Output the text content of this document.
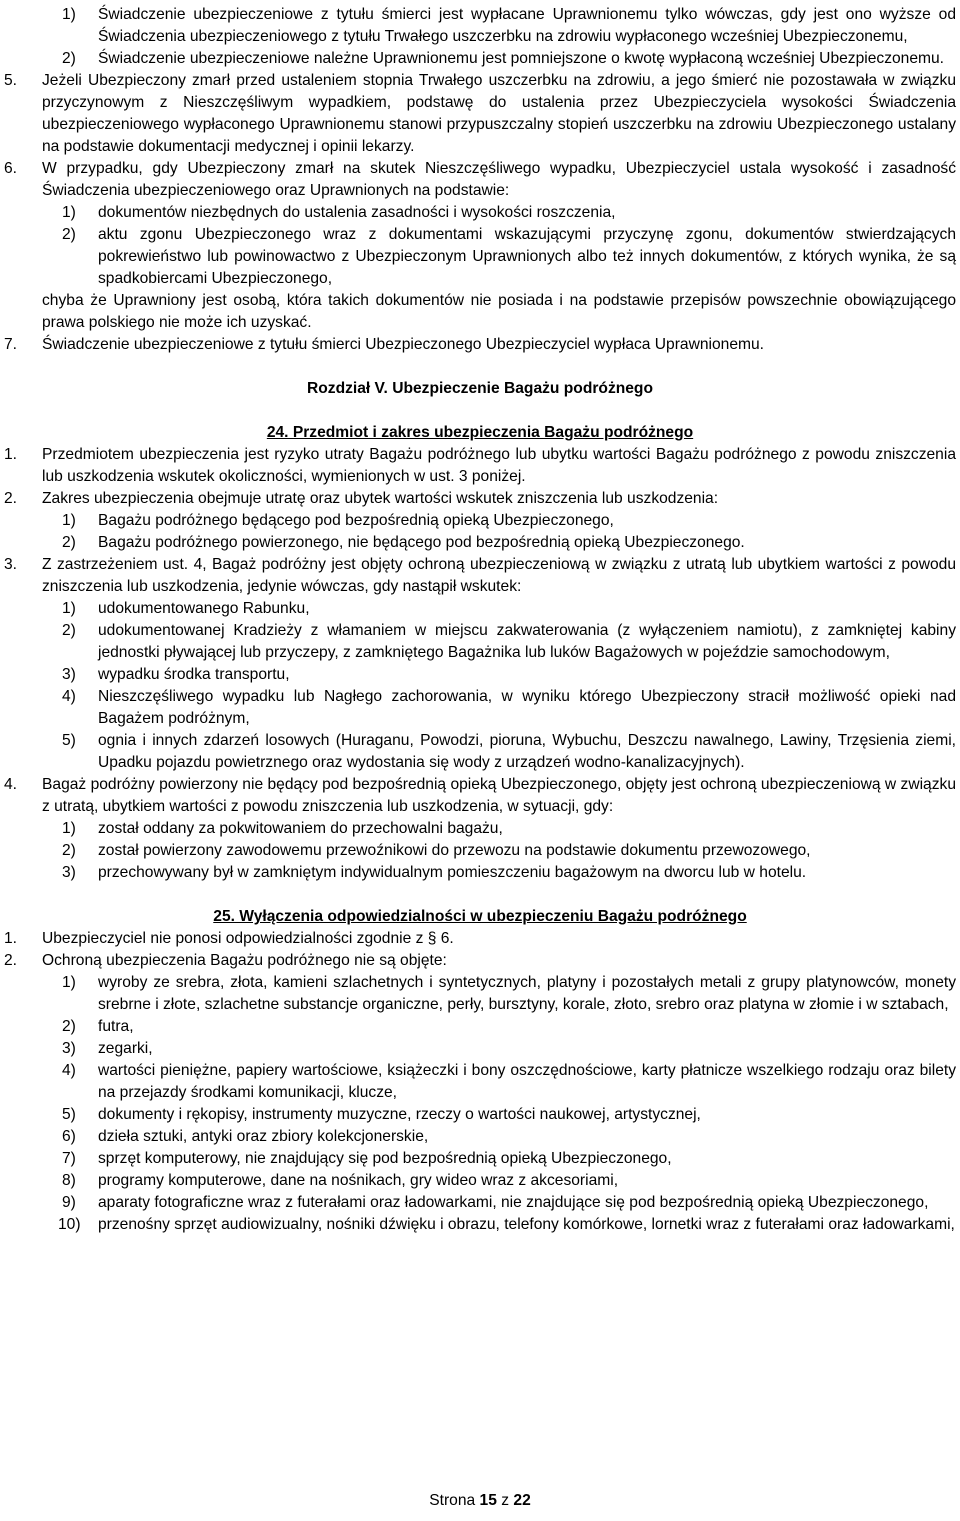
1) Świadczenie ubezpieczeniowe z tytułu śmierci jest wypłacane Uprawnionemu tylko wówczas, gdy jest ono wyższe od Świadczenia ubezpieczeniowego z tytułu Trwałego uszczerbku na zdrowiu wypłaconego wcześniej Ubezpieczonemu,
2) Świadczenie ubezpieczeniowe należne Uprawnionemu jest pomniejszone o kwotę wypłaconą wcześniej Ubezpieczonemu.
5. Jeżeli Ubezpieczony zmarł przed ustaleniem stopnia Trwałego uszczerbku na zdrowiu, a jego śmierć nie pozostawała w związku przyczynowym z Nieszczęśliwym wypadkiem, podstawę do ustalenia przez Ubezpieczyciela wysokości Świadczenia ubezpieczeniowego wypłaconego Uprawnionemu stanowi przypuszczalny stopień uszczerbku na zdrowiu Ubezpieczonego ustalany na podstawie dokumentacji medycznej i opinii lekarzy.
6. W przypadku, gdy Ubezpieczony zmarł na skutek Nieszczęśliwego wypadku, Ubezpieczyciel ustala wysokość i zasadność Świadczenia ubezpieczeniowego oraz Uprawnionych na podstawie:
1) dokumentów niezbędnych do ustalenia zasadności i wysokości roszczenia,
2) aktu zgonu Ubezpieczonego wraz z dokumentami wskazującymi przyczynę zgonu, dokumentów stwierdzających pokrewieństwo lub powinowactwo z Ubezpieczonym Uprawnionych albo też innych dokumentów, z których wynika, że są spadkobiercami Ubezpieczonego,
chyba że Uprawniony jest osobą, która takich dokumentów nie posiada i na podstawie przepisów powszechnie obowiązującego prawa polskiego nie może ich uzyskać.
7. Świadczenie ubezpieczeniowe z tytułu śmierci Ubezpieczonego Ubezpieczyciel wypłaca Uprawnionemu.
Rozdział V. Ubezpieczenie Bagażu podróżnego
24. Przedmiot i zakres ubezpieczenia Bagażu podróżnego
1. Przedmiotem ubezpieczenia jest ryzyko utraty Bagażu podróżnego lub ubytku wartości Bagażu podróżnego z powodu zniszczenia lub uszkodzenia wskutek okoliczności, wymienionych w ust. 3 poniżej.
2. Zakres ubezpieczenia obejmuje utratę oraz ubytek wartości wskutek zniszczenia lub uszkodzenia:
1) Bagażu podróżnego będącego pod bezpośrednią opieką Ubezpieczonego,
2) Bagażu podróżnego powierzonego, nie będącego pod bezpośrednią opieką Ubezpieczonego.
3. Z zastrzeżeniem ust. 4, Bagaż podróżny jest objęty ochroną ubezpieczeniową w związku z utratą lub ubytkiem wartości z powodu zniszczenia lub uszkodzenia, jedynie wówczas, gdy nastąpił wskutek:
1) udokumentowanego Rabunku,
2) udokumentowanej Kradzieży z włamaniem w miejscu zakwaterowania (z wyłączeniem namiotu), z zamkniętej kabiny jednostki pływającej lub przyczepy, z zamkniętego Bagażnika lub luków Bagażowych w pojeździe samochodowym,
3) wypadku środka transportu,
4) Nieszczęśliwego wypadku lub Nagłego zachorowania, w wyniku którego Ubezpieczony stracił możliwość opieki nad Bagażem podróżnym,
5) ognia i innych zdarzeń losowych (Huraganu, Powodzi, pioruna, Wybuchu, Deszczu nawalnego, Lawiny, Trzęsienia ziemi, Upadku pojazdu powietrznego oraz wydostania się wody z urządzeń wodno-kanalizacyjnych).
4. Bagaż podróżny powierzony nie będący pod bezpośrednią opieką Ubezpieczonego, objęty jest ochroną ubezpieczeniową w związku z utratą, ubytkiem wartości z powodu zniszczenia lub uszkodzenia, w sytuacji, gdy:
1) został oddany za pokwitowaniem do przechowalni bagażu,
2) został powierzony zawodowemu przewoźnikowi do przewozu na podstawie dokumentu przewozowego,
3) przechowywany był w zamkniętym indywidualnym pomieszczeniu bagażowym na dworcu lub w hotelu.
25. Wyłączenia odpowiedzialności w ubezpieczeniu Bagażu podróżnego
1. Ubezpieczyciel nie ponosi odpowiedzialności zgodnie z § 6.
2. Ochroną ubezpieczenia Bagażu podróżnego nie są objęte:
1) wyroby ze srebra, złota, kamieni szlachetnych i syntetycznych, platyny i pozostałych metali z grupy platynowców, monety srebrne i złote, szlachetne substancje organiczne, perły, bursztyny, korale, złoto, srebro oraz platyna w złomie i w sztabach,
2) futra,
3) zegarki,
4) wartości pieniężne, papiery wartościowe, książeczki i bony oszczędnościowe, karty płatnicze wszelkiego rodzaju oraz bilety na przejazdy środkami komunikacji, klucze,
5) dokumenty i rękopisy, instrumenty muzyczne, rzeczy o wartości naukowej, artystycznej,
6) dzieła sztuki, antyki oraz zbiory kolekcjonerskie,
7) sprzęt komputerowy, nie znajdujący się pod bezpośrednią opieką Ubezpieczonego,
8) programy komputerowe, dane na nośnikach, gry wideo wraz z akcesoriami,
9) aparaty fotograficzne wraz z futerałami oraz ładowarkami, nie znajdujące się pod bezpośrednią opieką Ubezpieczonego,
10) przenośny sprzęt audiowizualny, nośniki dźwięku i obrazu, telefony komórkowe, lornetki wraz z futerałami oraz ładowarkami,
Strona 15 z 22
